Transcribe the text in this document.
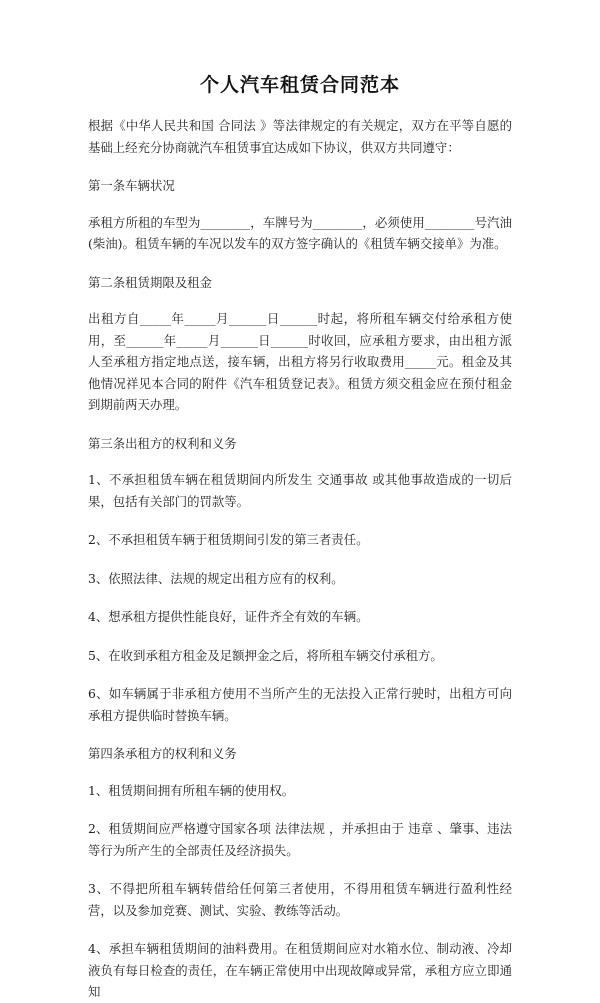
个人汽车租赁合同范本

根据《中华人民共和国 合同法 》等法律规定的有关规定，双方在平等自愿的基础上经充分协商就汽车租赁事宜达成如下协议，供双方共同遵守：

第一条车辆状况

承租方所租的车型为________，车牌号为________，必须使用________号汽油(柴油)。租赁车辆的车况以发车的双方签字确认的《租赁车辆交接单》为准。

第二条租赁期限及租金

出租方自_____年_____月______日______时起，将所租车辆交付给承租方使用，至______年_____月______日______时收回，应承租方要求，由出租方派人至承租方指定地点送，接车辆，出租方将另行收取费用_____元。租金及其他情况祥见本合同的附件《汽车租赁登记表》。租赁方须交租金应在预付租金到期前两天办理。

第三条出租方的权利和义务

1、不承担租赁车辆在租赁期间内所发生 交通事故 或其他事故造成的一切后果，包括有关部门的罚款等。

2、不承担租赁车辆于租赁期间引发的第三者责任。

3、依照法律、法规的规定出租方应有的权利。

4、想承租方提供性能良好，证件齐全有效的车辆。

5、在收到承租方租金及足额押金之后，将所租车辆交付承租方。

6、如车辆属于非承租方使用不当所产生的无法投入正常行驶时，出租方可向承租方提供临时替换车辆。

第四条承租方的权利和义务

1、租赁期间拥有所租车辆的使用权。

2、租赁期间应严格遵守国家各项 法律法规 ，并承担由于 违章 、肇事、违法等行为所产生的全部责任及经济损失。

3、不得把所租车辆转借给任何第三者使用，不得用租赁车辆进行盈利性经营，以及参加竞赛、测试、实验、教练等活动。

4、承担车辆租赁期间的油料费用。在租赁期间应对水箱水位、制动液、冷却液负有每日检查的责任，在车辆正常使用中出现故障或异常，承租方应立即通知
